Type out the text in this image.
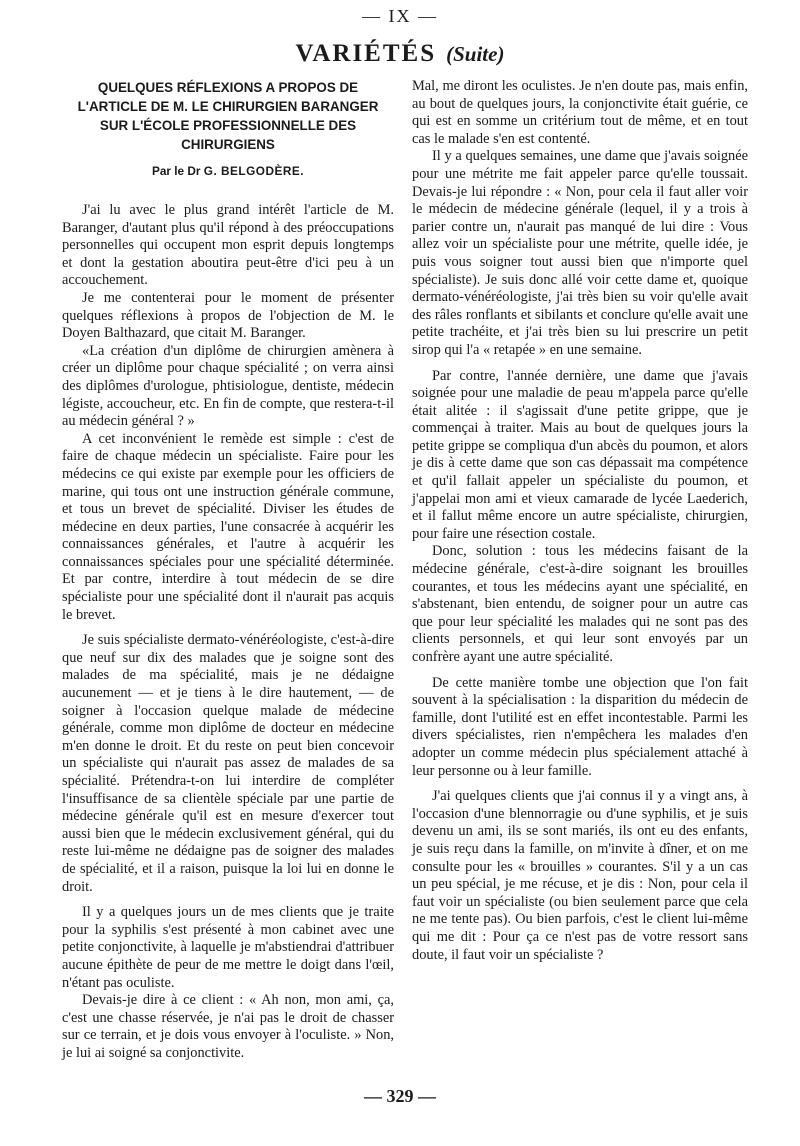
— IX —
VARIÉTÉS (Suite)
QUELQUES RÉFLEXIONS A PROPOS DE L'ARTICLE DE M. LE CHIRURGIEN BARANGER SUR L'ÉCOLE PROFESSIONNELLE DES CHIRURGIENS
Par le Dr G. BELGODÈRE.

J'ai lu avec le plus grand intérêt l'article de M. Baranger, d'autant plus qu'il répond à des préoccupations personnelles qui occupent mon esprit depuis longtemps et dont la gestation aboutira peut-être d'ici peu à un accouchement.

Je me contenterai pour le moment de présenter quelques réflexions à propos de l'objection de M. le Doyen Balthazard, que citait M. Baranger.

«La création d'un diplôme de chirurgien amènera à créer un diplôme pour chaque spécialité ; on verra ainsi des diplômes d'urologue, phtisiologue, dentiste, médecin légiste, accoucheur, etc. En fin de compte, que restera-t-il au médecin général ? »

A cet inconvénient le remède est simple : c'est de faire de chaque médecin un spécialiste. Faire pour les médecins ce qui existe par exemple pour les officiers de marine, qui tous ont une instruction générale commune, et tous un brevet de spécialité. Diviser les études de médecine en deux parties, l'une consacrée à acquérir les connaissances générales, et l'autre à acquérir les connaissances spéciales pour une spécialité déterminée. Et par contre, interdire à tout médecin de se dire spécialiste pour une spécialité dont il n'aurait pas acquis le brevet.

Je suis spécialiste dermato-vénéréologiste, c'est-à-dire que neuf sur dix des malades que je soigne sont des malades de ma spécialité, mais je ne dédaigne aucunement — et je tiens à le dire hautement, — de soigner à l'occasion quelque malade de médecine générale, comme mon diplôme de docteur en médecine m'en donne le droit. Et du reste on peut bien concevoir un spécialiste qui n'aurait pas assez de malades de sa spécialité. Prétendra-t-on lui interdire de compléter l'insuffisance de sa clientèle spéciale par une partie de médecine générale qu'il est en mesure d'exercer tout aussi bien que le médecin exclusivement général, qui du reste lui-même ne dédaigne pas de soigner des malades de spécialité, et il a raison, puisque la loi lui en donne le droit.

Il y a quelques jours un de mes clients que je traite pour la syphilis s'est présenté à mon cabinet avec une petite conjonctivite, à laquelle je m'abstiendrai d'attribuer aucune épithète de peur de me mettre le doigt dans l'œil, n'étant pas oculiste.

Devais-je dire à ce client : « Ah non, mon ami, ça, c'est une chasse réservée, je n'ai pas le droit de chasser sur ce terrain, et je dois vous envoyer à l'oculiste. » Non, je lui ai soigné sa conjonctivite.

Mal, me diront les oculistes. Je n'en doute pas, mais enfin, au bout de quelques jours, la conjonctivite était guérie, ce qui est en somme un critérium tout de même, et en tout cas le malade s'en est contenté.

Il y a quelques semaines, une dame que j'avais soignée pour une métrite me fait appeler parce qu'elle toussait. Devais-je lui répondre : « Non, pour cela il faut aller voir le médecin de médecine générale (lequel, il y a trois à parier contre un, n'aurait pas manqué de lui dire : Vous allez voir un spécialiste pour une métrite, quelle idée, je puis vous soigner tout aussi bien que n'importe quel spécialiste). Je suis donc allé voir cette dame et, quoique dermato-vénéréologiste, j'ai très bien su voir qu'elle avait des râles ronflants et sibilants et conclure qu'elle avait une petite trachéite, et j'ai très bien su lui prescrire un petit sirop qui l'a « retapée » en une semaine.

Par contre, l'année dernière, une dame que j'avais soignée pour une maladie de peau m'appela parce qu'elle était alitée : il s'agissait d'une petite grippe, que je commençai à traiter. Mais au bout de quelques jours la petite grippe se compliqua d'un abcès du poumon, et alors je dis à cette dame que son cas dépassait ma compétence et qu'il fallait appeler un spécialiste du poumon, et j'appelai mon ami et vieux camarade de lycée Laederich, et il fallut même encore un autre spécialiste, chirurgien, pour faire une résection costale.

Donc, solution : tous les médecins faisant de la médecine générale, c'est-à-dire soignant les brouilles courantes, et tous les médecins ayant une spécialité, en s'abstenant, bien entendu, de soigner pour un autre cas que pour leur spécialité les malades qui ne sont pas des clients personnels, et qui leur sont envoyés par un confrère ayant une autre spécialité.

De cette manière tombe une objection que l'on fait souvent à la spécialisation : la disparition du médecin de famille, dont l'utilité est en effet incontestable. Parmi les divers spécialistes, rien n'empêchera les malades d'en adopter un comme médecin plus spécialement attaché à leur personne ou à leur famille.

J'ai quelques clients que j'ai connus il y a vingt ans, à l'occasion d'une blennorragie ou d'une syphilis, et je suis devenu un ami, ils se sont mariés, ils ont eu des enfants, je suis reçu dans la famille, on m'invite à dîner, et on me consulte pour les « brouilles » courantes. S'il y a un cas un peu spécial, je me récuse, et je dis : Non, pour cela il faut voir un spécialiste (ou bien seulement parce que cela ne me tente pas). Ou bien parfois, c'est le client lui-même qui me dit : Pour ça ce n'est pas de votre ressort sans doute, il faut voir un spécialiste ?

— 329 —
